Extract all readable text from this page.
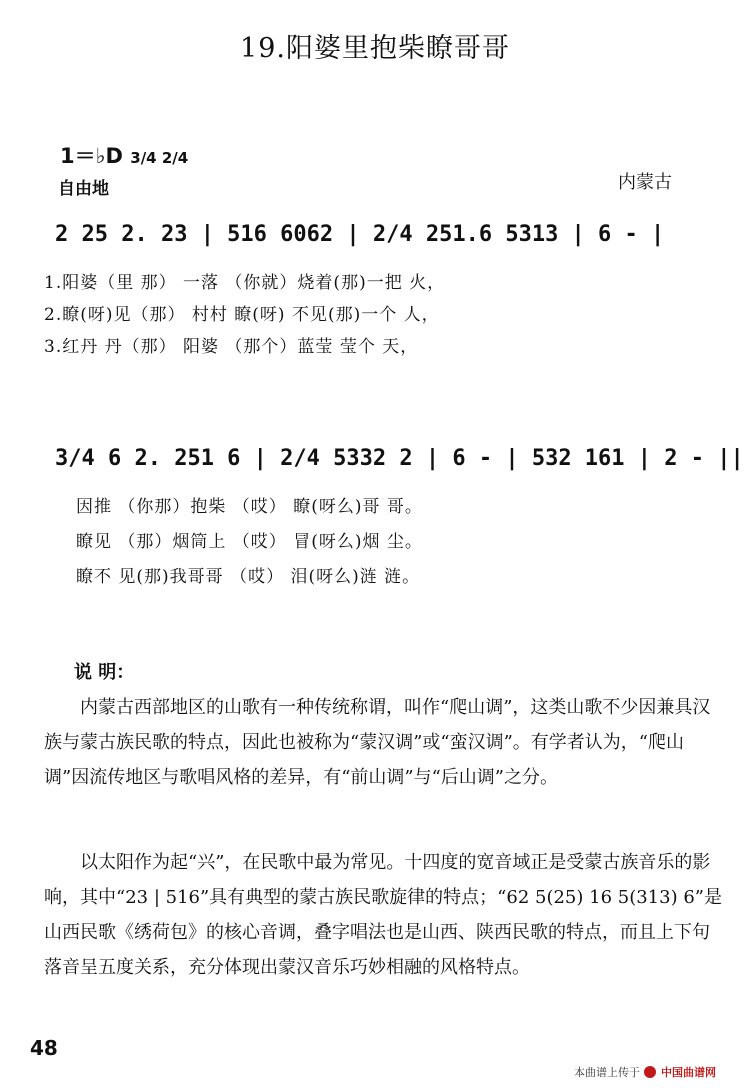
19.阳婆里抱柴瞭哥哥
1＝♭D 3/4 2/4
自由地	内蒙古
2 25 2. 23 | 516 6062 | 2/4 251.6 5313 | 6 - |
1.阳婆（里 那） 一落 （你就）烧着(那)一把 火，
2.瞭(呀)见（那） 村村 瞭(呀) 不见(那)一个 人，
3.红丹 丹（那） 阳婆 （那个）蓝莹 莹个 天，
3/4 6 2. 251 6 | 2/4 5332 2 | 6 - | 532 161 | 2 - ||
因推 （你那）抱柴 （哎） 瞭(呀么)哥 哥。
瞭见 （那）烟筒上 （哎） 冒(呀么)烟 尘。
瞭不 见(那)我哥哥 （哎） 泪(呀么)涟 涟。
说 明：

内蒙古西部地区的山歌有一种传统称谓，叫作“爬山调”，这类山歌不少因兼具汉族与蒙古族民歌的特点，因此也被称为“蒙汉调”或“蛮汉调”。有学者认为，“爬山调”因流传地区与歌唱风格的差异，有“前山调”与“后山调”之分。

以太阳作为起“兴”，在民歌中最为常见。十四度的宽音域正是受蒙古族音乐的影响，其中“23 | 516”具有典型的蒙古族民歌旋律的特点；“62 5(25) 16 5(313) 6”是山西民歌《绣荷包》的核心音调，叠字唱法也是山西、陕西民歌的特点，而且上下句落音呈五度关系，充分体现出蒙汉音乐巧妙相融的风格特点。

48
本曲谱上传于 中国曲谱网
